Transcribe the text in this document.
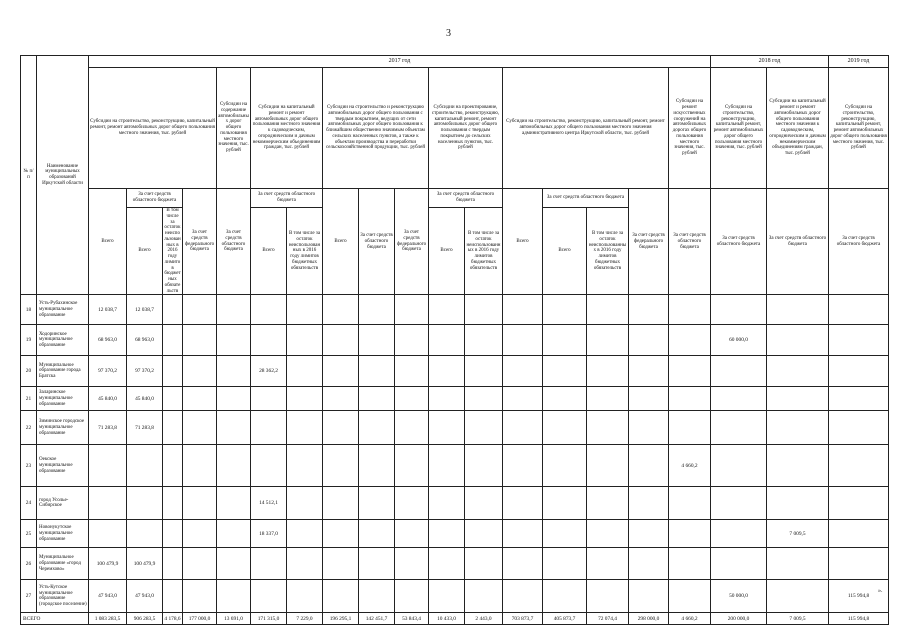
3
№ п/ п	Наименование муниципальных образований Иркутской области	2017 год																	2018 год		2019 год
		Субсидии на строительство, реконструкцию, капитальный ремонт, ремонт автомобильных дорог общего пользования местного значения, тыс. рублей				Субсидии на содержание автомобильных дорог общего пользования местного значения, тыс. рублей	Субсидии на капитальный ремонт и ремонт автомобильных дорог общего пользования местного значения к садоводческим, огородническим и дачным некоммерческим объединениям граждан, тыс. рублей		Субсидии на строительство и реконструкцию автомобильных дорог общего пользования с твердым покрытием, ведущих от сети автомобильных дорог общего пользования к ближайшим общественно значимым объектам сельских населенных пунктов, а также к объектам производства и переработки сельскохозяйственной продукции, тыс. рублей			Субсидии на проектирование, строительство, реконструкцию, капитальный ремонт, ремонт автомобильных дорог общего пользования с твердым покрытием до сельских населенных пунктов, тыс. рублей		Субсидии на строительство, реконструкцию, капитальный ремонт, ремонт автомобильных дорог общего пользования местного значения административного центра Иркутской области, тыс. рублей				Субсидии на ремонт искусственных сооружений на автомобильных дорогах общего пользования местного значения, тыс. рублей	Субсидии на строительство, реконструкцию, капитальный ремонт, ремонт автомобильных дорог общего пользования местного значения, тыс. рублей	Субсидии на капитальный ремонт и ремонт автомобильных дорог общего пользования местного значения к садоводческим, огородническим и дачным некоммерческим объединениям граждан, тыс. рублей	Субсидии на строительство, реконструкцию, капитальный ремонт, ремонт автомобильных дорог общего пользования местного значения, тыс. рублей
		Всего	За счет средств областного бюджета		За счет средств федерального бюджета	За счет средств областного бюджета	За счет средств областного бюджета		Всего	За счет средств областного бюджета	За счет средств федерального бюджета	За счет средств областного бюджета		Всего	За счет средств областного бюджета		За счет средств федерального бюджета	За счет средств областного бюджета	За счет средств областного бюджета	За счет средств областного бюджета	За счет средств областного бюджета
			Всего	В том числе за остаток неиспользованных в 2016 году лимитов бюджетных обязательств			Всего	В том числе за остаток неиспользованных в 2016 году лимитов бюджетных обязательств				Всего	В том числе за остаток неиспользованных в 2016 году лимитов бюджетных обязательств		Всего	В том числе за остаток неиспользованных в 2016 году лимитов бюджетных обязательств					
18	Усть-Рубахинское муниципальное образование	12 038,7	12 038,7																		
19	Ходоринское муниципальное образование	68 963,0	68 963,0																60 000,0		
20	Муниципальное образование города Братска	97 370,2	97 370,2				28 362,2														
21	Заларинское муниципальное образование	45 840,0	45 840,0																		
22	Зиминское городское муниципальное образование	71 283,8	71 283,8																		
23	Оекское муниципальное образование																	4 660,2			
24	город Усолье-Сибирское						14 512,1														
25	Новонукутское муниципальное образование						18 337,0													7 009,5	
26	Муниципальное образование «город Черемхово»	100 479,9	100 479,9																		
27	Усть-Кутское муниципальное образование (городское поселение)	47 943,0	47 943,0																50 000,0		115 994,8
ВСЕГО		1 083 283,5	906 283,5	4 178,6	177 000,0	13 691,0	171 315,0	7 229,0	196 295,1	142 451,7	53 843,4	10 433,0	2 443,0	703 873,7	405 873,7	72 074,4	298 000,0	4 660,2	200 000,0	7 009,5	115 994,8
».
